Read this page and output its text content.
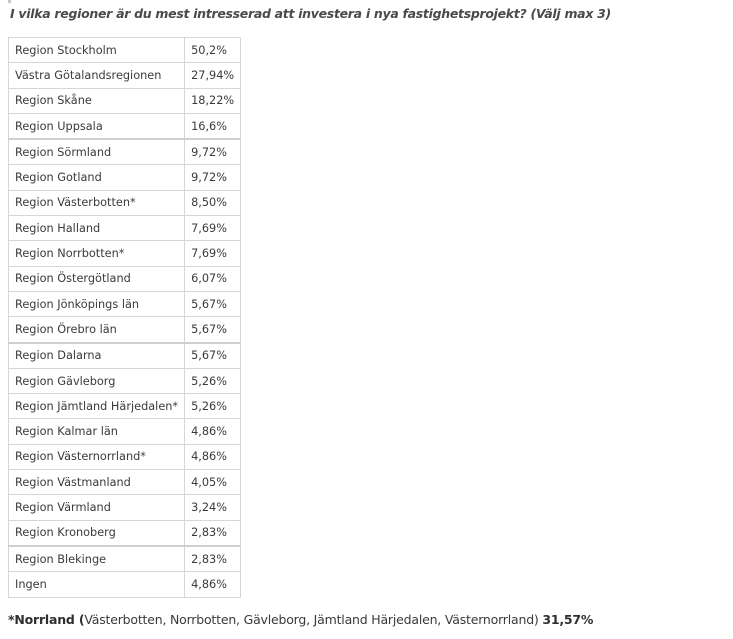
I vilka regioner är du mest intresserad att investera i nya fastighetsprojekt? (Välj max 3)
Region Stockholm	50,2%
Västra Götalandsregionen	27,94%
Region Skåne	18,22%
Region Uppsala	16,6%
Region Sörmland	9,72%
Region Gotland	9,72%
Region Västerbotten*	8,50%
Region Halland	7,69%
Region Norrbotten*	7,69%
Region Östergötland	6,07%
Region Jönköpings län	5,67%
Region Örebro län	5,67%
Region Dalarna	5,67%
Region Gävleborg	5,26%
Region Jämtland Härjedalen*	5,26%
Region Kalmar län	4,86%
Region Västernorrland*	4,86%
Region Västmanland	4,05%
Region Värmland	3,24%
Region Kronoberg	2,83%
Region Blekinge	2,83%
Ingen	4,86%
*Norrland (Västerbotten, Norrbotten, Gävleborg, Jämtland Härjedalen, Västernorrland) 31,57%
